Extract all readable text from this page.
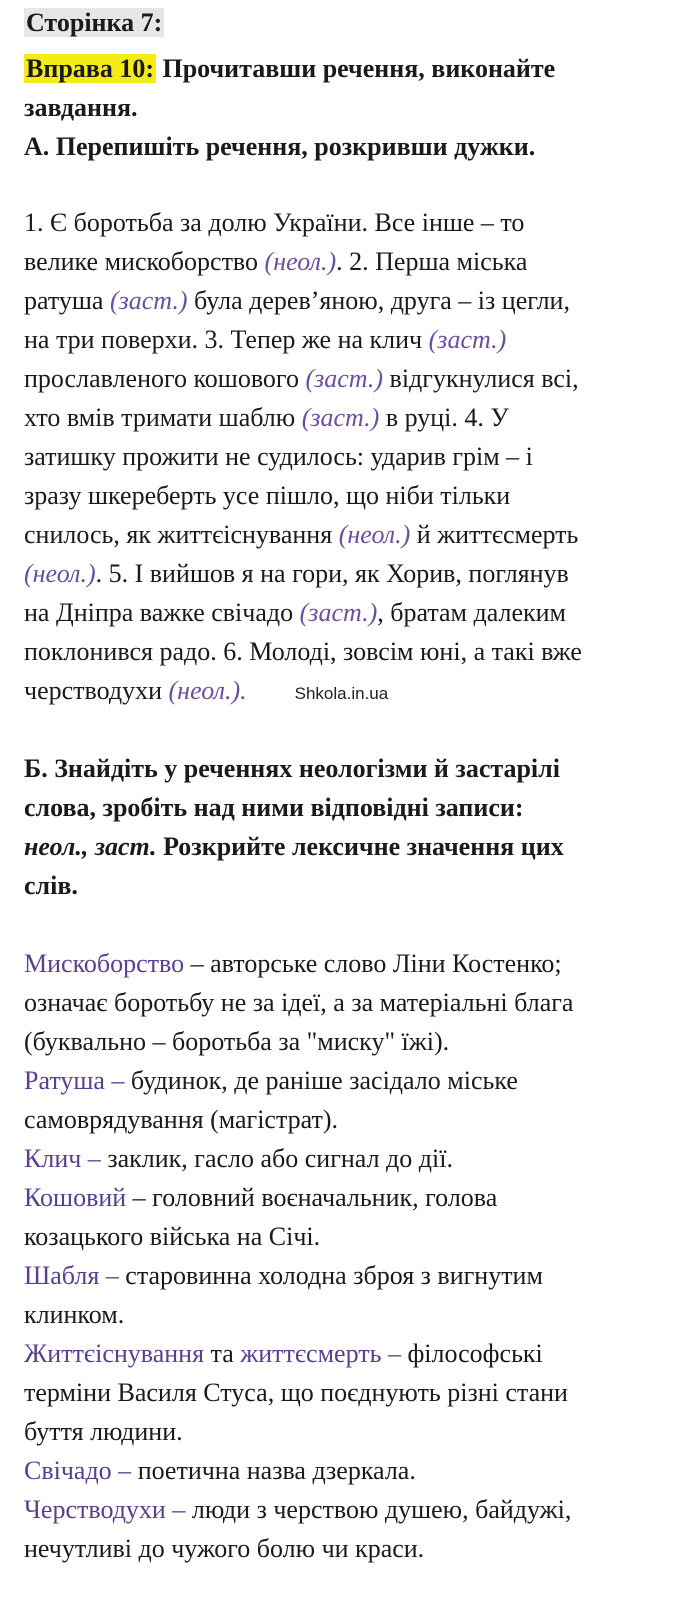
Сторінка 7:
Вправа 10: Прочитавши речення, виконайте
завдання.
А. Перепишіть речення, розкривши дужки.
1. Є боротьба за долю України. Все інше – то
велике мискоборство (неол.). 2. Перша міська
ратуша (заст.) була дерев’яною, друга – із цегли,
на три поверхи. 3. Тепер же на клич (заст.)
прославленого кошового (заст.) відгукнулися всі,
хто вмів тримати шаблю (заст.) в руці. 4. У
затишку прожити не судилось: ударив грім – і
зразу шкереберть усе пішло, що ніби тільки
снилось, як життєіснування (неол.) й життєсмерть
(неол.). 5. І вийшов я на гори, як Хорив, поглянув
на Дніпра важке свічадо (заст.), братам далеким
поклонився радо. 6. Молоді, зовсім юні, а такі вже
черстводухи (неол.).	Shkola.in.ua
Б. Знайдіть у реченнях неологізми й застарілі
слова, зробіть над ними відповідні записи:
неол., заст. Розкрийте лексичне значення цих
слів.
Мискоборство – авторське слово Ліни Костенко;
означає боротьбу не за ідеї, а за матеріальні блага
(буквально – боротьба за "миску" їжі).
Ратуша – будинок, де раніше засідало міське
самоврядування (магістрат).
Клич – заклик, гасло або сигнал до дії.
Кошовий – головний воєначальник, голова
козацького війська на Січі.
Шабля – старовинна холодна зброя з вигнутим
клинком.
Життєіснування та життєсмерть – філософські
терміни Василя Стуса, що поєднують різні стани
буття людини.
Свічадо – поетична назва дзеркала.
Черстводухи – люди з черствою душею, байдужі,
нечутливі до чужого болю чи краси.
